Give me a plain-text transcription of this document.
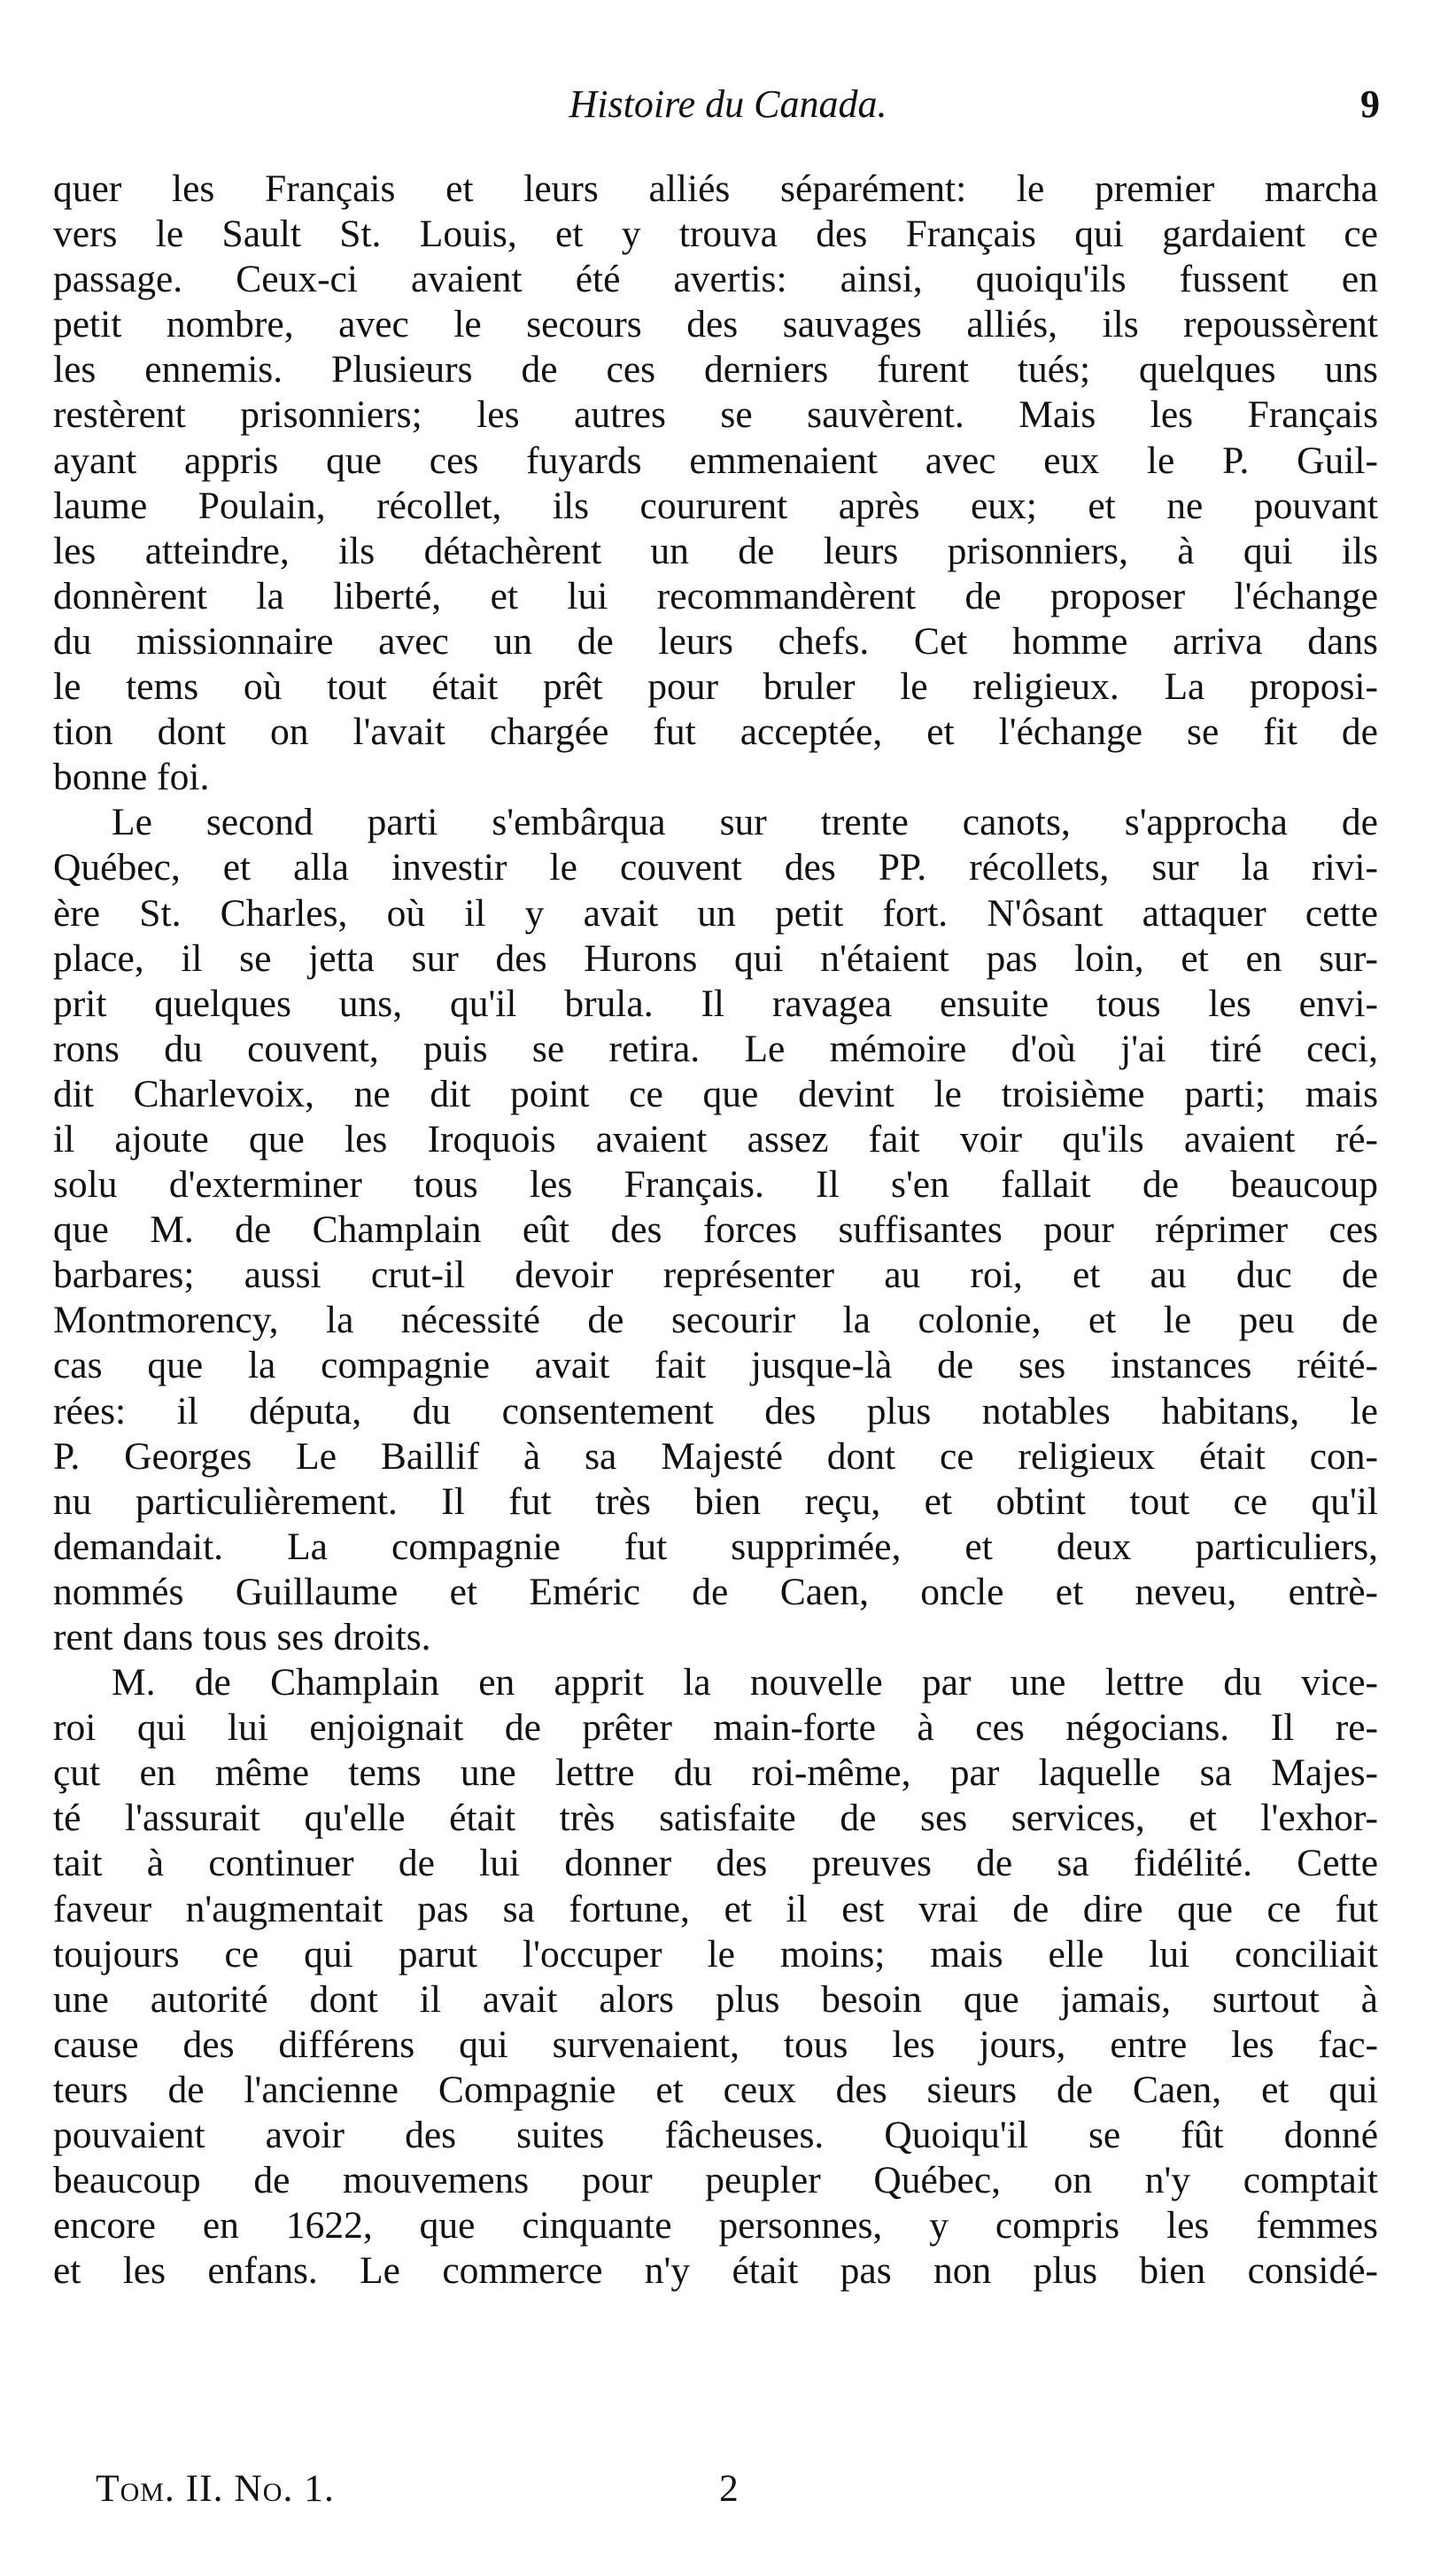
Histoire du Canada.	9
quer les Français et leurs alliés séparément: le premier marcha
vers le Sault St. Louis, et y trouva des Français qui gardaient ce
passage. Ceux-ci avaient été avertis: ainsi, quoiqu'ils fussent en
petit nombre, avec le secours des sauvages alliés, ils repoussèrent
les ennemis. Plusieurs de ces derniers furent tués; quelques uns
restèrent prisonniers; les autres se sauvèrent. Mais les Français
ayant appris que ces fuyards emmenaient avec eux le P. Guil-
laume Poulain, récollet, ils coururent après eux; et ne pouvant
les atteindre, ils détachèrent un de leurs prisonniers, à qui ils
donnèrent la liberté, et lui recommandèrent de proposer l'échange
du missionnaire avec un de leurs chefs. Cet homme arriva dans
le tems où tout était prêt pour bruler le religieux. La proposi-
tion dont on l'avait chargée fut acceptée, et l'échange se fit de
bonne foi.
Le second parti s'embârqua sur trente canots, s'approcha de
Québec, et alla investir le couvent des PP. récollets, sur la rivi-
ère St. Charles, où il y avait un petit fort. N'ôsant attaquer cette
place, il se jetta sur des Hurons qui n'étaient pas loin, et en sur-
prit quelques uns, qu'il brula. Il ravagea ensuite tous les envi-
rons du couvent, puis se retira. Le mémoire d'où j'ai tiré ceci,
dit Charlevoix, ne dit point ce que devint le troisième parti; mais
il ajoute que les Iroquois avaient assez fait voir qu'ils avaient ré-
solu d'exterminer tous les Français. Il s'en fallait de beaucoup
que M. de Champlain eût des forces suffisantes pour réprimer ces
barbares; aussi crut-il devoir représenter au roi, et au duc de
Montmorency, la nécessité de secourir la colonie, et le peu de
cas que la compagnie avait fait jusque-là de ses instances réité-
rées: il députa, du consentement des plus notables habitans, le
P. Georges Le Baillif à sa Majesté dont ce religieux était con-
nu particulièrement. Il fut très bien reçu, et obtint tout ce qu'il
demandait. La compagnie fut supprimée, et deux particuliers,
nommés Guillaume et Eméric de Caen, oncle et neveu, entrè-
rent dans tous ses droits.
M. de Champlain en apprit la nouvelle par une lettre du vice-
roi qui lui enjoignait de prêter main-forte à ces négocians. Il re-
çut en même tems une lettre du roi-même, par laquelle sa Majes-
té l'assurait qu'elle était très satisfaite de ses services, et l'exhor-
tait à continuer de lui donner des preuves de sa fidélité. Cette
faveur n'augmentait pas sa fortune, et il est vrai de dire que ce fut
toujours ce qui parut l'occuper le moins; mais elle lui conciliait
une autorité dont il avait alors plus besoin que jamais, surtout à
cause des différens qui survenaient, tous les jours, entre les fac-
teurs de l'ancienne Compagnie et ceux des sieurs de Caen, et qui
pouvaient avoir des suites fâcheuses. Quoiqu'il se fût donné
beaucoup de mouvemens pour peupler Québec, on n'y comptait
encore en 1622, que cinquante personnes, y compris les femmes
et les enfans. Le commerce n'y était pas non plus bien considé-
Tom. II. No. 1.	2
